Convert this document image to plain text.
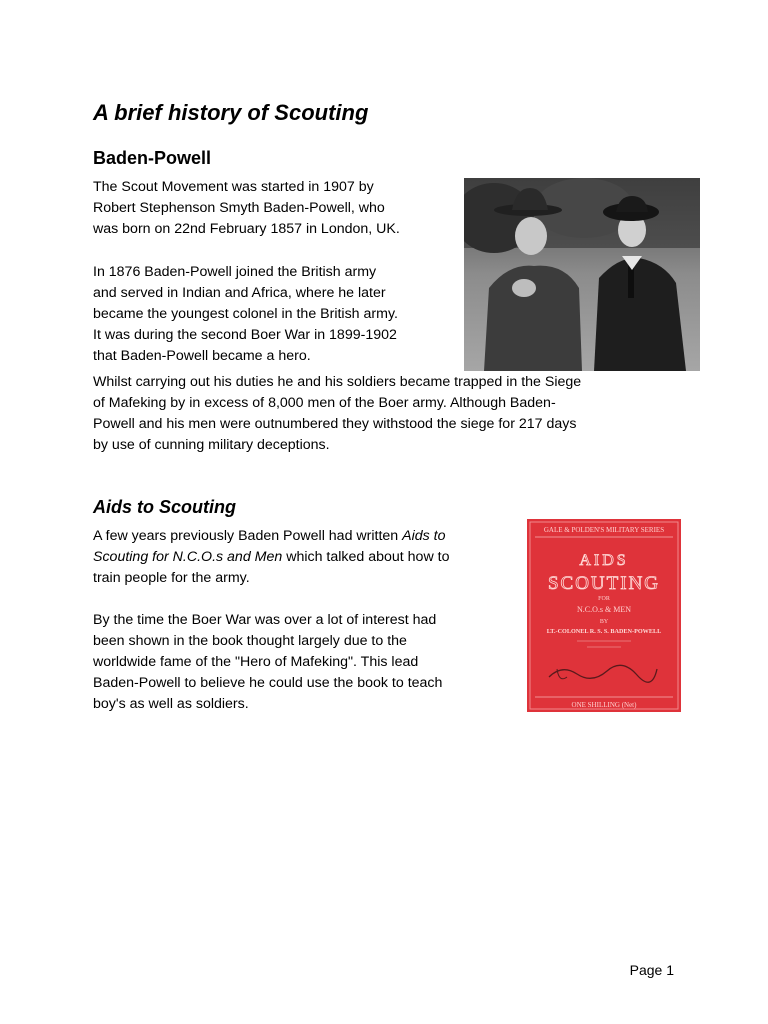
A brief history of Scouting
Baden-Powell
The Scout Movement was started in 1907 by
Robert Stephenson Smyth Baden-Powell, who
was born on 22nd February 1857 in London, UK.
In 1876 Baden-Powell joined the British army
and served in Indian and Africa, where he later
became the youngest colonel in the British army.
It was during the second Boer War in 1899-1902
that Baden-Powell became a hero.
Whilst carrying out his duties he and his soldiers became trapped in the Siege
of Mafeking by in excess of 8,000 men of the Boer army. Although Baden-
Powell and his men were outnumbered they withstood the siege for 217 days
by use of cunning military deceptions.
Aids to Scouting
A few years previously Baden Powell had written Aids to
Scouting for N.C.O.s and Men which talked about how to
train people for the army.
By the time the Boer War was over a lot of interest had
been shown in the book thought largely due to the
worldwide fame of the "Hero of Mafeking". This lead
Baden-Powell to believe he could use the book to teach
boy's as well as soldiers.
GALE & POLDEN'S MILITARY SERIES
AIDS
SCOUTING
FOR
N.C.O.s & MEN
BY
LT.-COLONEL R. S. S. BADEN-POWELL
ONE SHILLING (Net)
Page 1
